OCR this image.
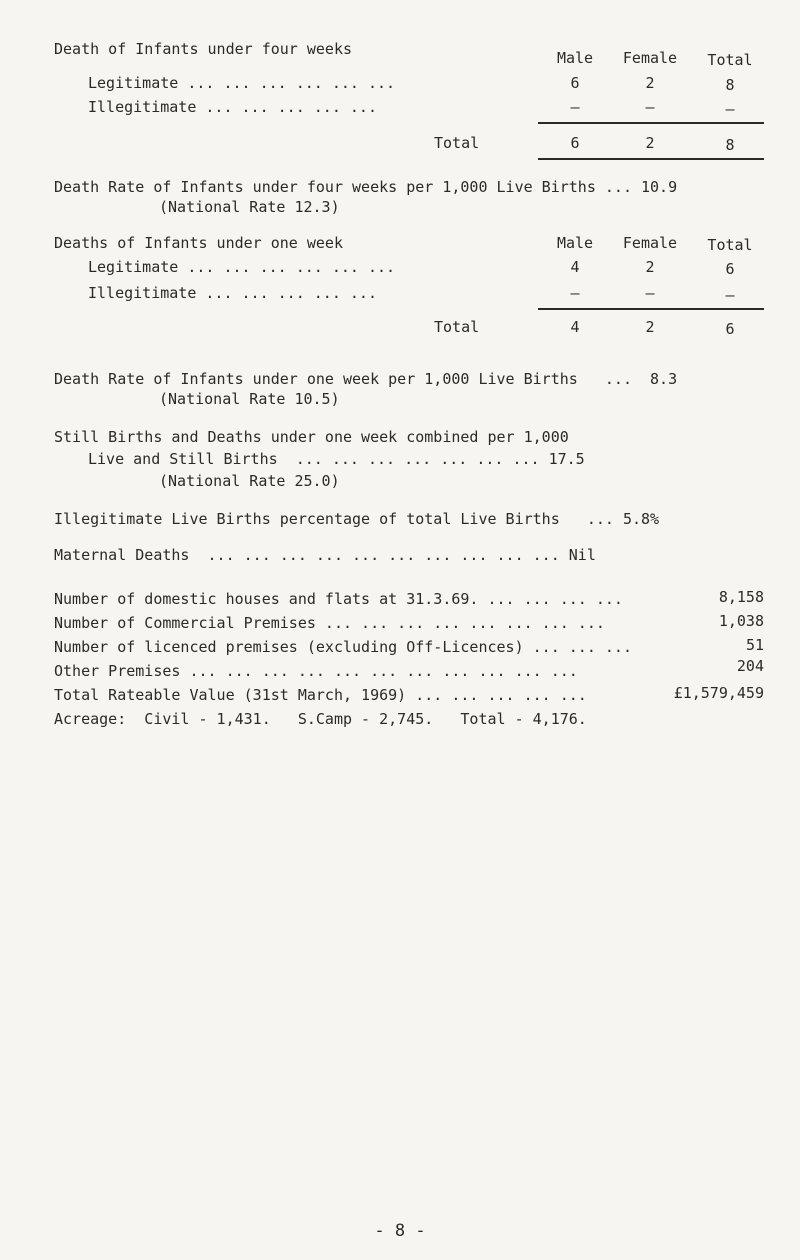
Death of Infants under four weeks	Male	Female	Total
Legitimate ... ... ... ... ... ...	6	2	8
Illegitimate ... ... ... ... ...	–	–	–
Total	6	2	8
Death Rate of Infants under four weeks per 1,000 Live Births ... 10.9
(National Rate 12.3)
Deaths of Infants under one week	Male	Female	Total
Legitimate ... ... ... ... ... ...	4	2	6
Illegitimate ... ... ... ... ...	–	–	–
Total	4	2	6
Death Rate of Infants under one week per 1,000 Live Births   ...  8.3
(National Rate 10.5)
Still Births and Deaths under one week combined per 1,000
Live and Still Births  ... ... ... ... ... ... ... 17.5
(National Rate 25.0)
Illegitimate Live Births percentage of total Live Births   ... 5.8%
Maternal Deaths  ... ... ... ... ... ... ... ... ... ... Nil
Number of domestic houses and flats at 31.3.69. ... ... ... ...	8,158
Number of Commercial Premises ... ... ... ... ... ... ... ...	1,038
Number of licenced premises (excluding Off-Licences) ... ... ...	51
Other Premises ... ... ... ... ... ... ... ... ... ... ...	204
Total Rateable Value (31st March, 1969) ... ... ... ... ...	£1,579,459
Acreage:  Civil - 1,431.   S.Camp - 2,745.   Total - 4,176.
- 8 -
